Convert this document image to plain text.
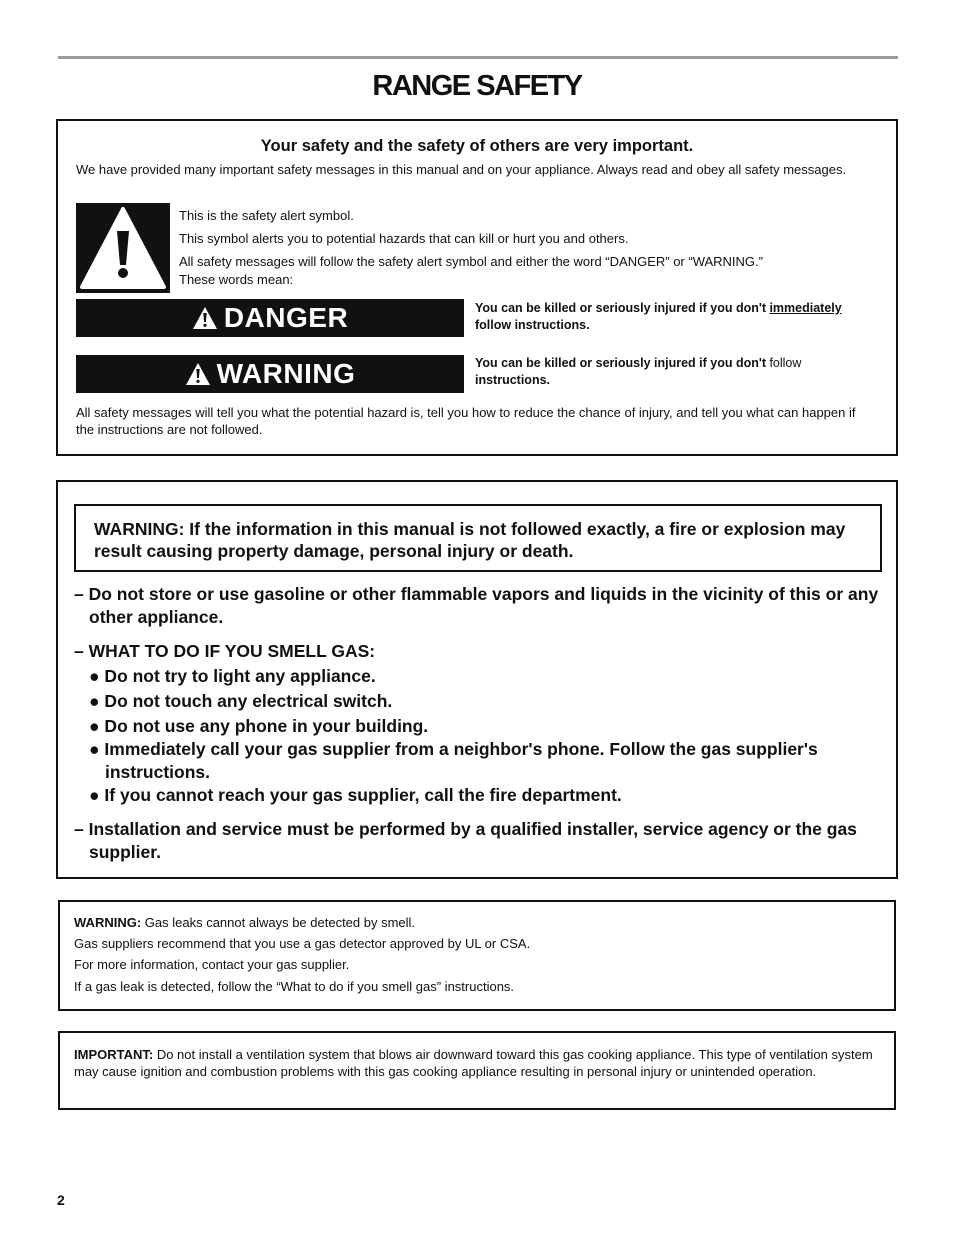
RANGE SAFETY

Your safety and the safety of others are very important.

We have provided many important safety messages in this manual and on your appliance. Always read and obey all safety messages.

This is the safety alert symbol.

This symbol alerts you to potential hazards that can kill or hurt you and others.

All safety messages will follow the safety alert symbol and either the word “DANGER” or “WARNING.”

These words mean:

DANGER	You can be killed or seriously injured if you don't immediately
follow instructions.

WARNING	You can be killed or seriously injured if you don't follow
instructions.

All safety messages will tell you what the potential hazard is, tell you how to reduce the chance of injury, and tell you what can happen if the instructions are not followed.

WARNING: If the information in this manual is not followed exactly, a fire or explosion may result causing property damage, personal injury or death.

– Do not store or use gasoline or other flammable vapors and liquids in the vicinity of this or any other appliance.

– WHAT TO DO IF YOU SMELL GAS:

● Do not try to light any appliance.

● Do not touch any electrical switch.

● Do not use any phone in your building.

● Immediately call your gas supplier from a neighbor's phone. Follow the gas supplier's instructions.

● If you cannot reach your gas supplier, call the fire department.

– Installation and service must be performed by a qualified installer, service agency or the gas supplier.

WARNING: Gas leaks cannot always be detected by smell.

Gas suppliers recommend that you use a gas detector approved by UL or CSA.

For more information, contact your gas supplier.

If a gas leak is detected, follow the “What to do if you smell gas” instructions.

IMPORTANT: Do not install a ventilation system that blows air downward toward this gas cooking appliance. This type of ventilation system may cause ignition and combustion problems with this gas cooking appliance resulting in personal injury or unintended operation.

2
